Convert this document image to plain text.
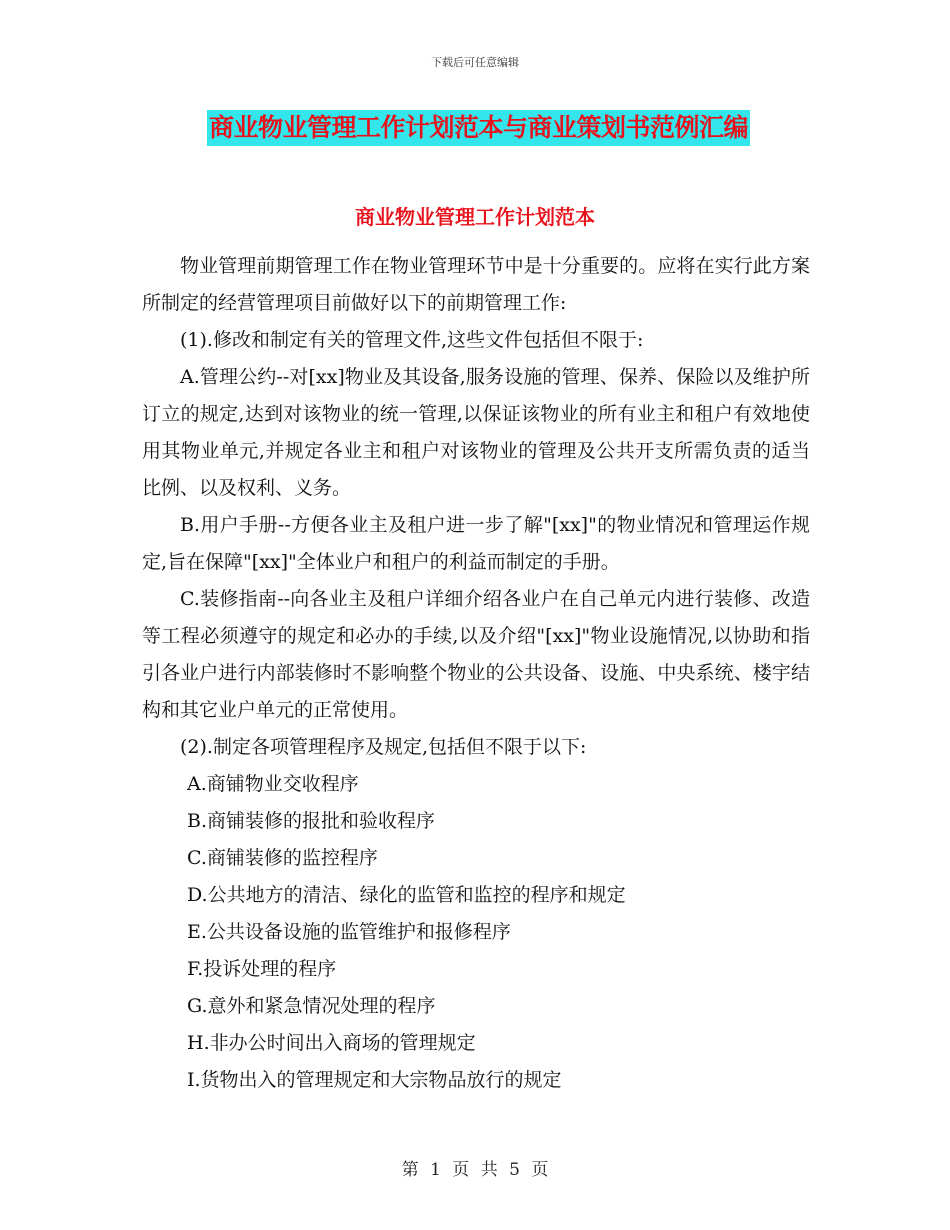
下载后可任意编辑
商业物业管理工作计划范本与商业策划书范例汇编
商业物业管理工作计划范本

物业管理前期管理工作在物业管理环节中是十分重要的。应将在实行此方案所制定的经营管理项目前做好以下的前期管理工作:

(1).修改和制定有关的管理文件,这些文件包括但不限于:

A.管理公约--对[xx]物业及其设备,服务设施的管理、保养、保险以及维护所订立的规定,达到对该物业的统一管理,以保证该物业的所有业主和租户有效地使用其物业单元,并规定各业主和租户对该物业的管理及公共开支所需负责的适当比例、以及权利、义务。

B.用户手册--方便各业主及租户进一步了解"[xx]"的物业情况和管理运作规定,旨在保障"[xx]"全体业户和租户的利益而制定的手册。

C.装修指南--向各业主及租户详细介绍各业户在自己单元内进行装修、改造等工程必须遵守的规定和必办的手续,以及介绍"[xx]"物业设施情况,以协助和指引各业户进行内部装修时不影响整个物业的公共设备、设施、中央系统、楼宇结构和其它业户单元的正常使用。

(2).制定各项管理程序及规定,包括但不限于以下:

A.商铺物业交收程序

B.商铺装修的报批和验收程序

C.商铺装修的监控程序

D.公共地方的清洁、绿化的监管和监控的程序和规定

E.公共设备设施的监管维护和报修程序

F.投诉处理的程序

G.意外和紧急情况处理的程序

H.非办公时间出入商场的管理规定

I.货物出入的管理规定和大宗物品放行的规定

第 1 页 共 5 页
